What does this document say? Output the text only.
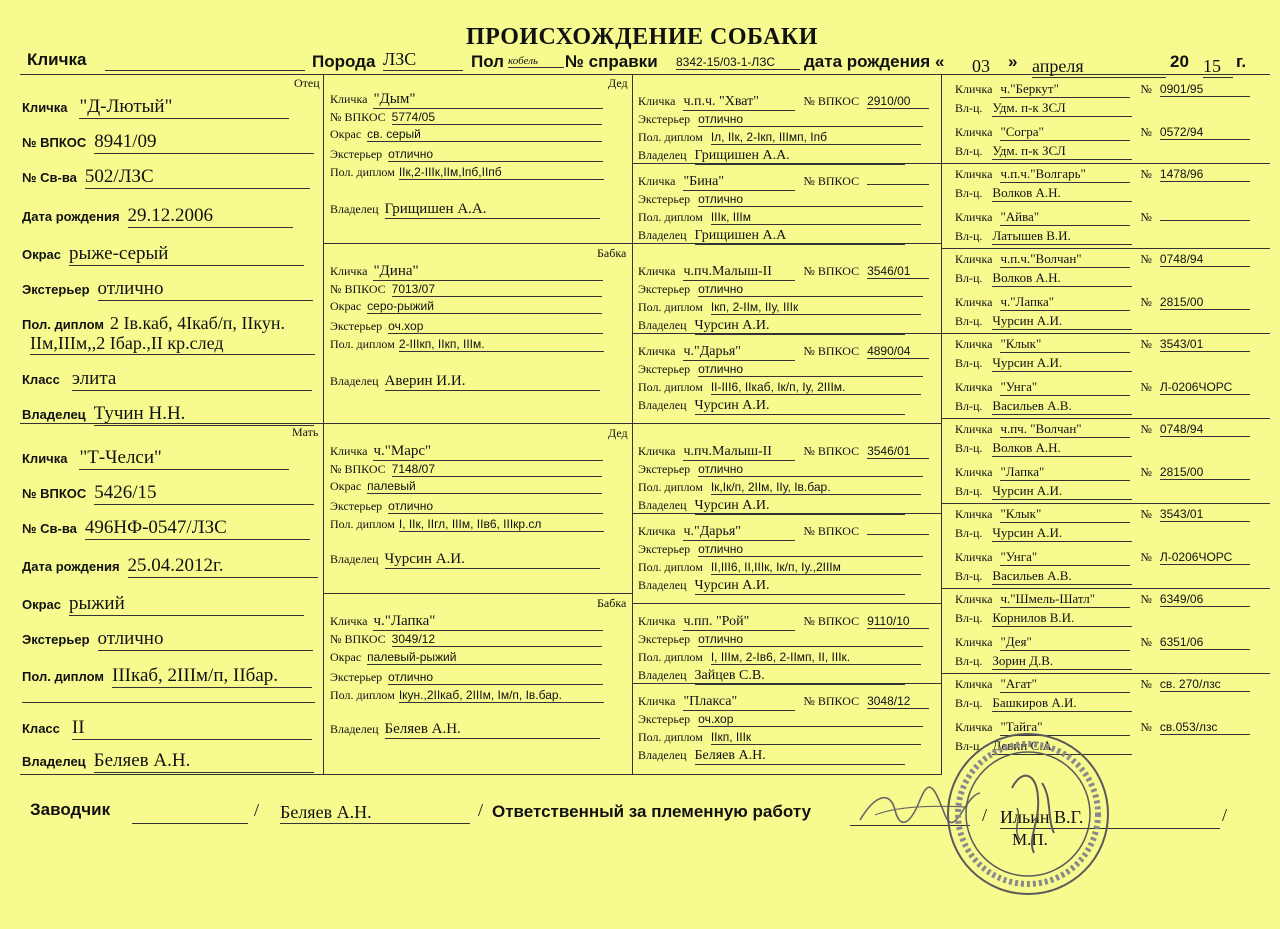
ПРОИСХОЖДЕНИЕ СОБАКИ
Кличка	Порода ЛЗС	Пол кобель	№ справки 8342-15/03-1-ЛЗС	дата рождения « 03 » апреля	20 15 г.
Отец
Мать
Кличка "Д-Лютый"
№ ВПКОС 8941/09
№ Св-ва 502/ЛЗС
Дата рождения 29.12.2006
Окрас рыже-серый
Экстерьер отлично
Пол. диплом 2 Iв.каб, 4Iкаб/п, IIкун.
IIм,IIIм,,2 Iбар.,II кр.след
Класс элита
Владелец Тучин Н.Н.
Кличка "Т-Челси"
№ ВПКОС 5426/15
№ Св-ва 496НФ-0547/ЛЗС
Дата рождения 25.04.2012г.
Окрас рыжий
Экстерьер отлично
Пол. диплом IIIкаб, 2IIIм/п, IIбар.
Класс II
Владелец Беляев А.Н.
Дед
Бабка
Дед
Бабка
Кличка "Дым"
№ ВПКОС 5774/05
Окрас св. серый
Экстерьер отлично
Пол. диплом IIк,2-IIIк,IIм,Iпб,IIпб
Владелец Грищишен А.А.
Кличка "Дина"
№ ВПКОС 7013/07
Окрас серо-рыжий
Экстерьер оч.хор
Пол. диплом 2-IIIкп, IIкп, IIIм.
Владелец Аверин И.И.
Кличка ч."Марс"
№ ВПКОС 7148/07
Окрас палевый
Экстерьер отлично
Пол. диплом I, IIк, IIгл, IIIм, IIв6, IIIкр.сл
Владелец Чурсин А.И.
Кличка ч."Лапка"
№ ВПКОС 3049/12
Окрас палевый-рыжий
Экстерьер отлично
Пол. диплом Iкун.,2IIкаб, 2IIIм, Iм/п, Iв.бар.
Владелец Беляев А.Н.
Кличка ч.п.ч. "Хват"	№ ВПКОС 2910/00
Экстерьер отлично
Пол. диплом Iл, IIк, 2-Iкп, IIIмп, Iпб
Владелец Грищишен А.А.
Кличка "Бина"	№ ВПКОС
Экстерьер отлично
Пол. диплом IIIк, IIIм
Владелец Грищишен А.А
Кличка ч.пч.Малыш-II	№ ВПКОС 3546/01
Экстерьер отлично
Пол. диплом Iкп, 2-IIм, IIу, IIIк
Владелец Чурсин А.И.
Кличка ч."Дарья"	№ ВПКОС 4890/04
Экстерьер отлично
Пол. диплом II-III6, IIкаб, Iк/п, Iу, 2IIIм.
Владелец Чурсин А.И.
Кличка ч.пч.Малыш-II	№ ВПКОС 3546/01
Экстерьер отлично
Пол. диплом Iк,Iк/п, 2IIм, IIу, Iв.бар.
Владелец Чурсин А.И.
Кличка ч."Дарья"	№ ВПКОС
Экстерьер отлично
Пол. диплом II,III6, II,IIIк, Iк/п, Iу.,2IIIм
Владелец Чурсин А.И.
Кличка ч.пп. "Рой"	№ ВПКОС 9110/10
Экстерьер отлично
Пол. диплом I, IIIм, 2-Iв6, 2-IIмп, II, IIIк.
Владелец Зайцев С.В.
Кличка "Плакса"	№ ВПКОС 3048/12
Экстерьер оч.хор
Пол. диплом IIкп, IIIк
Владелец Беляев А.Н.
Кличка ч."Беркут"	№ 0901/95
Вл-ц. Удм. п-к ЗСЛ
Кличка "Согра"	№ 0572/94
Вл-ц. Удм. п-к ЗСЛ
Кличка ч.п.ч."Волгарь"	№ 1478/96
Вл-ц. Волков А.Н.
Кличка "Айва"	№
Вл-ц. Латышев В.И.
Кличка ч.п.ч."Волчан"	№ 0748/94
Вл-ц. Волков А.Н.
Кличка ч."Лапка"	№ 2815/00
Вл-ц. Чурсин А.И.
Кличка "Клык"	№ 3543/01
Вл-ц. Чурсин А.И.
Кличка "Унга"	№ Л-0206ЧОРС
Вл-ц. Васильев А.В.
Кличка ч.пч. "Волчан"	№ 0748/94
Вл-ц. Волков А.Н.
Кличка "Лапка"	№ 2815/00
Вл-ц. Чурсин А.И.
Кличка "Клык"	№ 3543/01
Вл-ц. Чурсин А.И.
Кличка "Унга"	№ Л-0206ЧОРС
Вл-ц. Васильев А.В.
Кличка ч."Шмель-Шатл"	№ 6349/06
Вл-ц. Корнилов В.И.
Кличка "Дея"	№ 6351/06
Вл-ц. Зорин Д.В.
Кличка "Агат"	№ св. 270/лзс
Вл-ц. Башкиров А.И.
Кличка "Тайга"	№ св.053/лзс
Вл-ц. Девин С.А.
Заводчик	/ Беляев А.Н.	/ Ответственный за племенную работу	/ Ильин В.Г.	/
М.П.
